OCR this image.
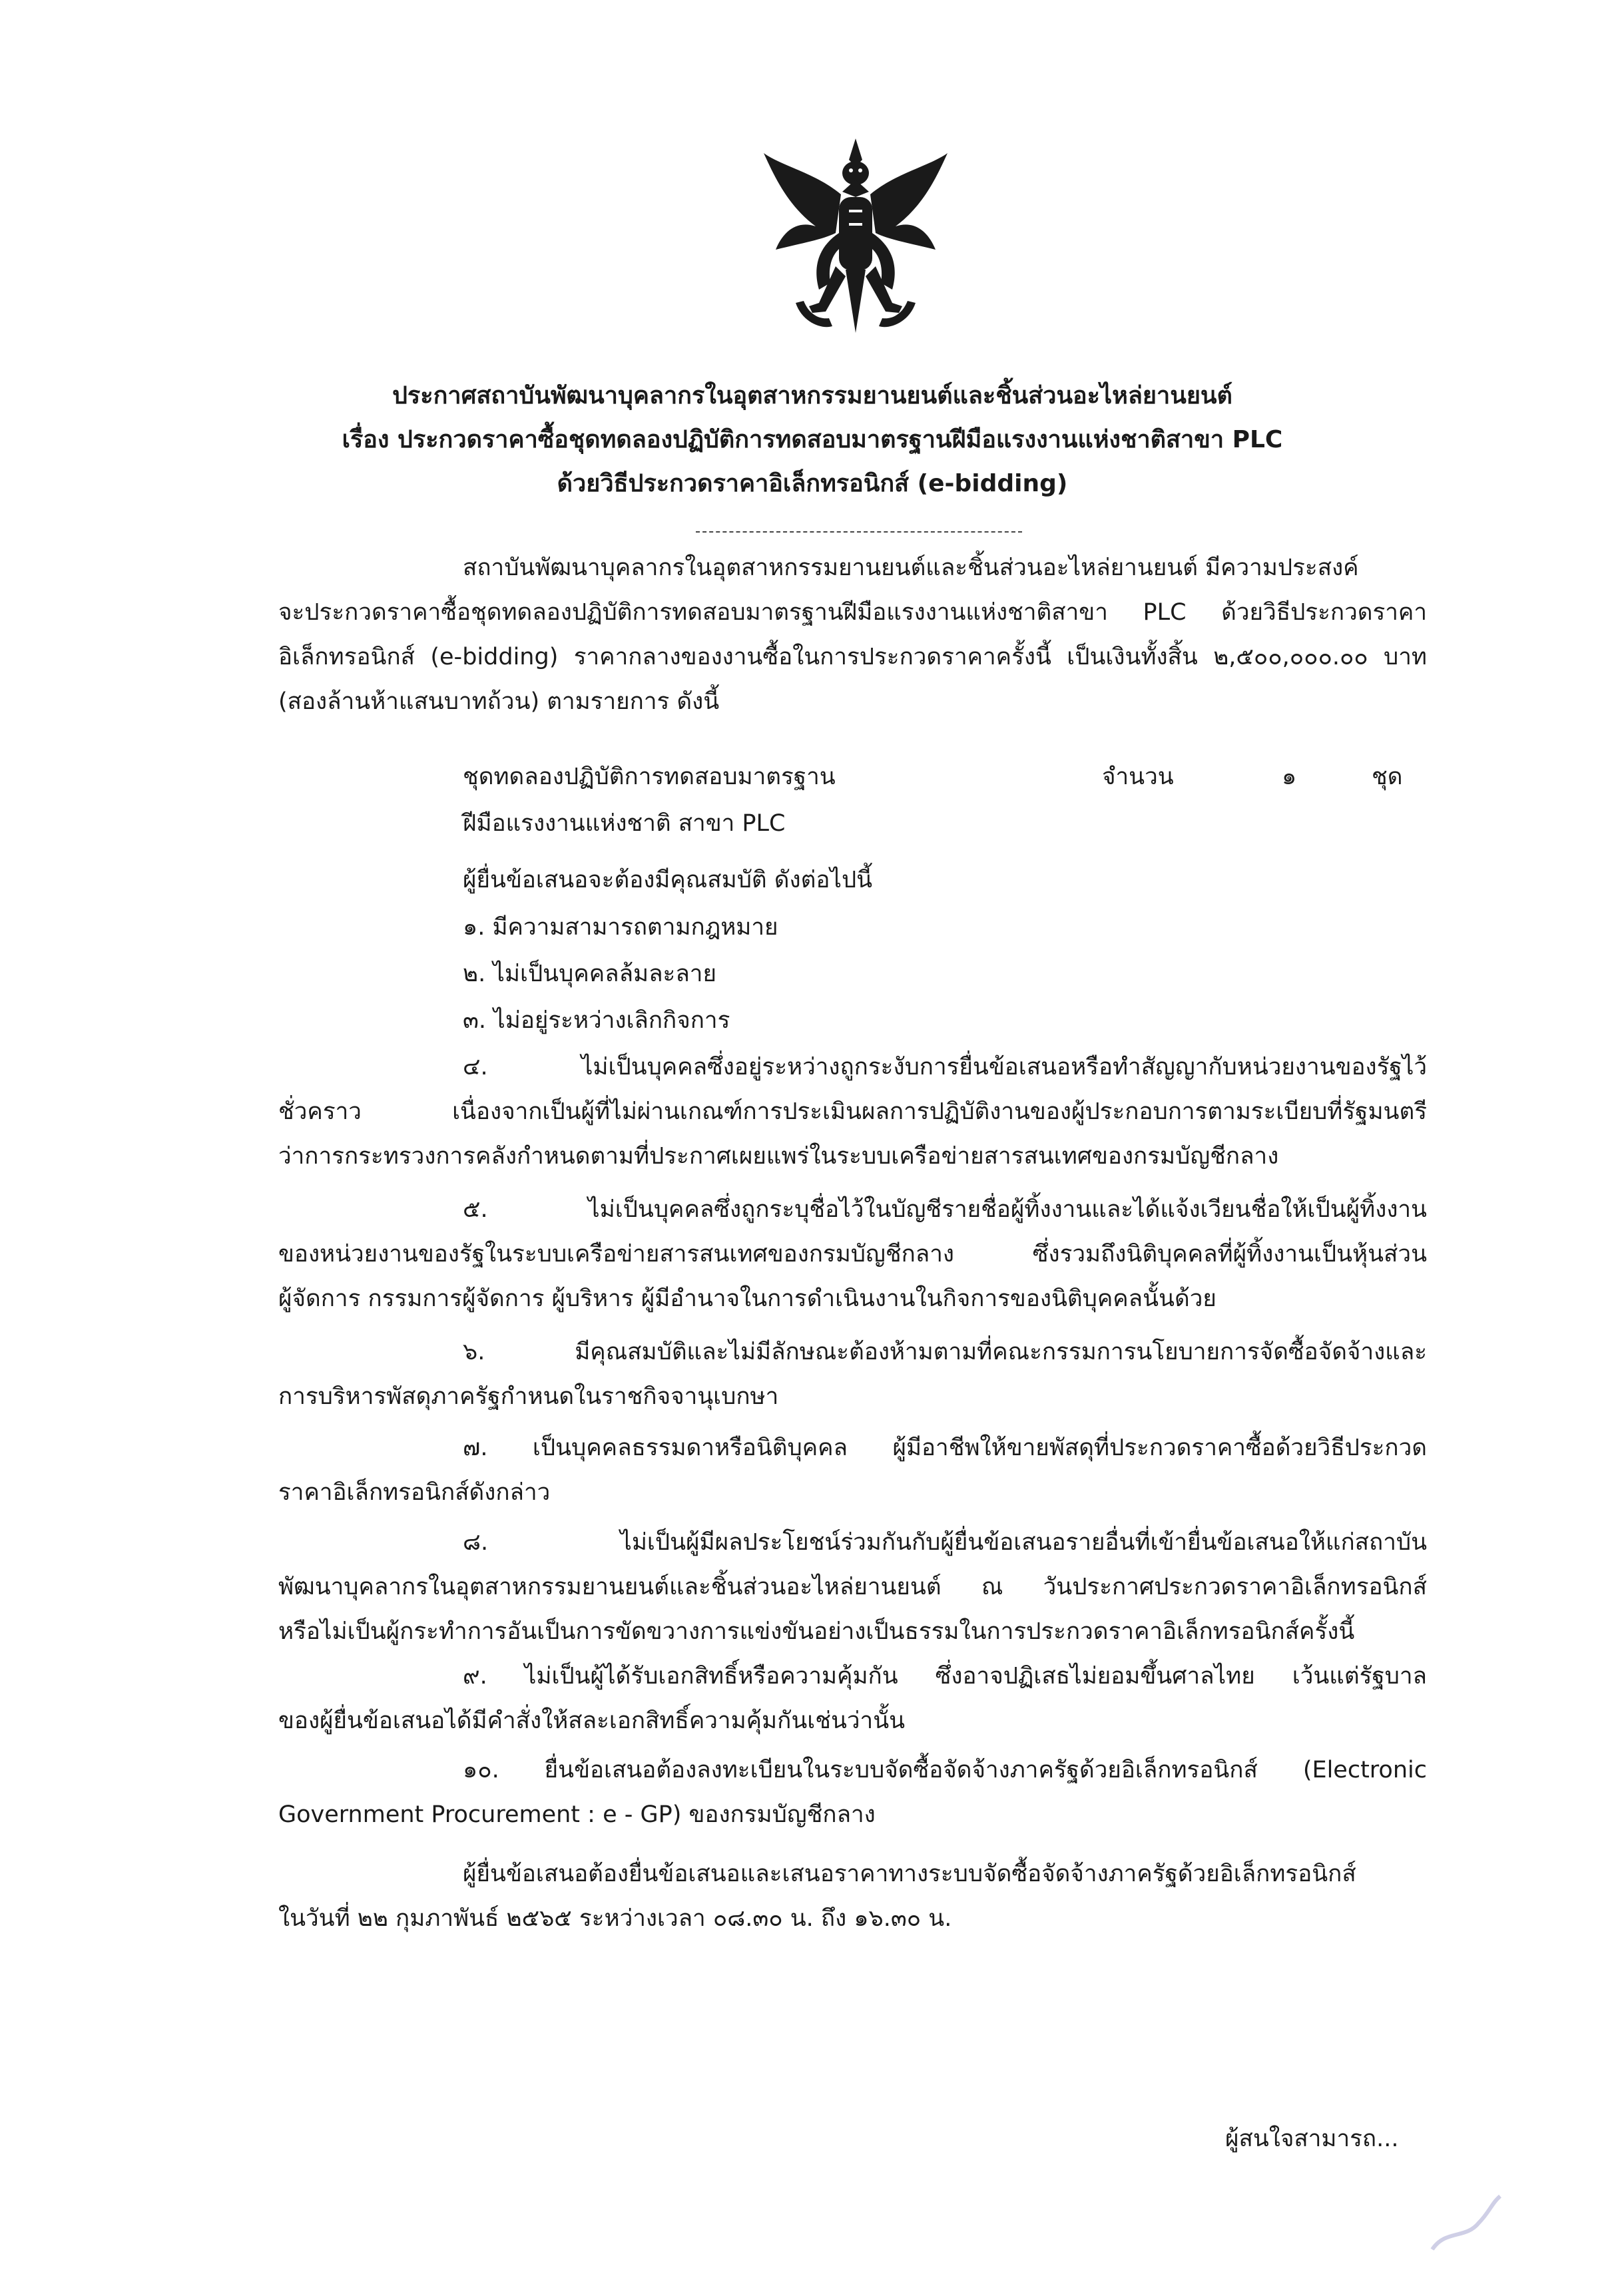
ประกาศสถาบันพัฒนาบุคลากรในอุตสาหกรรมยานยนต์และชิ้นส่วนอะไหล่ยานยนต์
เรื่อง ประกวดราคาซื้อชุดทดลองปฏิบัติการทดสอบมาตรฐานฝีมือแรงงานแห่งชาติสาขา PLC
ด้วยวิธีประกวดราคาอิเล็กทรอนิกส์ (e-bidding)
สถาบันพัฒนาบุคลากรในอุตสาหกรรมยานยนต์และชิ้นส่วนอะไหล่ยานยนต์ มีความประสงค์
จะประกวดราคาซื้อชุดทดลองปฏิบัติการทดสอบมาตรฐานฝีมือแรงงานแห่งชาติสาขา PLC ด้วยวิธีประกวดราคา
อิเล็กทรอนิกส์ (e-bidding) ราคากลางของงานซื้อในการประกวดราคาครั้งนี้ เป็นเงินทั้งสิ้น ๒,๕๐๐,๐๐๐.๐๐ บาท
(สองล้านห้าแสนบาทถ้วน) ตามรายการ ดังนี้
ชุดทดลองปฏิบัติการทดสอบมาตรฐาน	จำนวน	๑	ชุด
ฝีมือแรงงานแห่งชาติ สาขา PLC
ผู้ยื่นข้อเสนอจะต้องมีคุณสมบัติ ดังต่อไปนี้
๑. มีความสามารถตามกฎหมาย
๒. ไม่เป็นบุคคลล้มละลาย
๓. ไม่อยู่ระหว่างเลิกกิจการ
๔. ไม่เป็นบุคคลซึ่งอยู่ระหว่างถูกระงับการยื่นข้อเสนอหรือทำสัญญากับหน่วยงานของรัฐไว้
ชั่วคราว เนื่องจากเป็นผู้ที่ไม่ผ่านเกณฑ์การประเมินผลการปฏิบัติงานของผู้ประกอบการตามระเบียบที่รัฐมนตรี
ว่าการกระทรวงการคลังกำหนดตามที่ประกาศเผยแพร่ในระบบเครือข่ายสารสนเทศของกรมบัญชีกลาง
๕. ไม่เป็นบุคคลซึ่งถูกระบุชื่อไว้ในบัญชีรายชื่อผู้ทิ้งงานและได้แจ้งเวียนชื่อให้เป็นผู้ทิ้งงาน
ของหน่วยงานของรัฐในระบบเครือข่ายสารสนเทศของกรมบัญชีกลาง ซึ่งรวมถึงนิติบุคคลที่ผู้ทิ้งงานเป็นหุ้นส่วน
ผู้จัดการ กรรมการผู้จัดการ ผู้บริหาร ผู้มีอำนาจในการดำเนินงานในกิจการของนิติบุคคลนั้นด้วย
๖. มีคุณสมบัติและไม่มีลักษณะต้องห้ามตามที่คณะกรรมการนโยบายการจัดซื้อจัดจ้างและ
การบริหารพัสดุภาครัฐกำหนดในราชกิจจานุเบกษา
๗. เป็นบุคคลธรรมดาหรือนิติบุคคล ผู้มีอาชีพให้ขายพัสดุที่ประกวดราคาซื้อด้วยวิธีประกวด
ราคาอิเล็กทรอนิกส์ดังกล่าว
๘. ไม่เป็นผู้มีผลประโยชน์ร่วมกันกับผู้ยื่นข้อเสนอรายอื่นที่เข้ายื่นข้อเสนอให้แก่สถาบัน
พัฒนาบุคลากรในอุตสาหกรรมยานยนต์และชิ้นส่วนอะไหล่ยานยนต์ ณ วันประกาศประกวดราคาอิเล็กทรอนิกส์
หรือไม่เป็นผู้กระทำการอันเป็นการขัดขวางการแข่งขันอย่างเป็นธรรมในการประกวดราคาอิเล็กทรอนิกส์ครั้งนี้
๙. ไม่เป็นผู้ได้รับเอกสิทธิ์หรือความคุ้มกัน ซึ่งอาจปฏิเสธไม่ยอมขึ้นศาลไทย เว้นแต่รัฐบาล
ของผู้ยื่นข้อเสนอได้มีคำสั่งให้สละเอกสิทธิ์ความคุ้มกันเช่นว่านั้น
๑๐. ยื่นข้อเสนอต้องลงทะเบียนในระบบจัดซื้อจัดจ้างภาครัฐด้วยอิเล็กทรอนิกส์ (Electronic
Government Procurement : e - GP) ของกรมบัญชีกลาง
ผู้ยื่นข้อเสนอต้องยื่นข้อเสนอและเสนอราคาทางระบบจัดซื้อจัดจ้างภาครัฐด้วยอิเล็กทรอนิกส์
ในวันที่ ๒๒ กุมภาพันธ์ ๒๕๖๕ ระหว่างเวลา ๐๘.๓๐ น. ถึง ๑๖.๓๐ น.
ผู้สนใจสามารถ...
